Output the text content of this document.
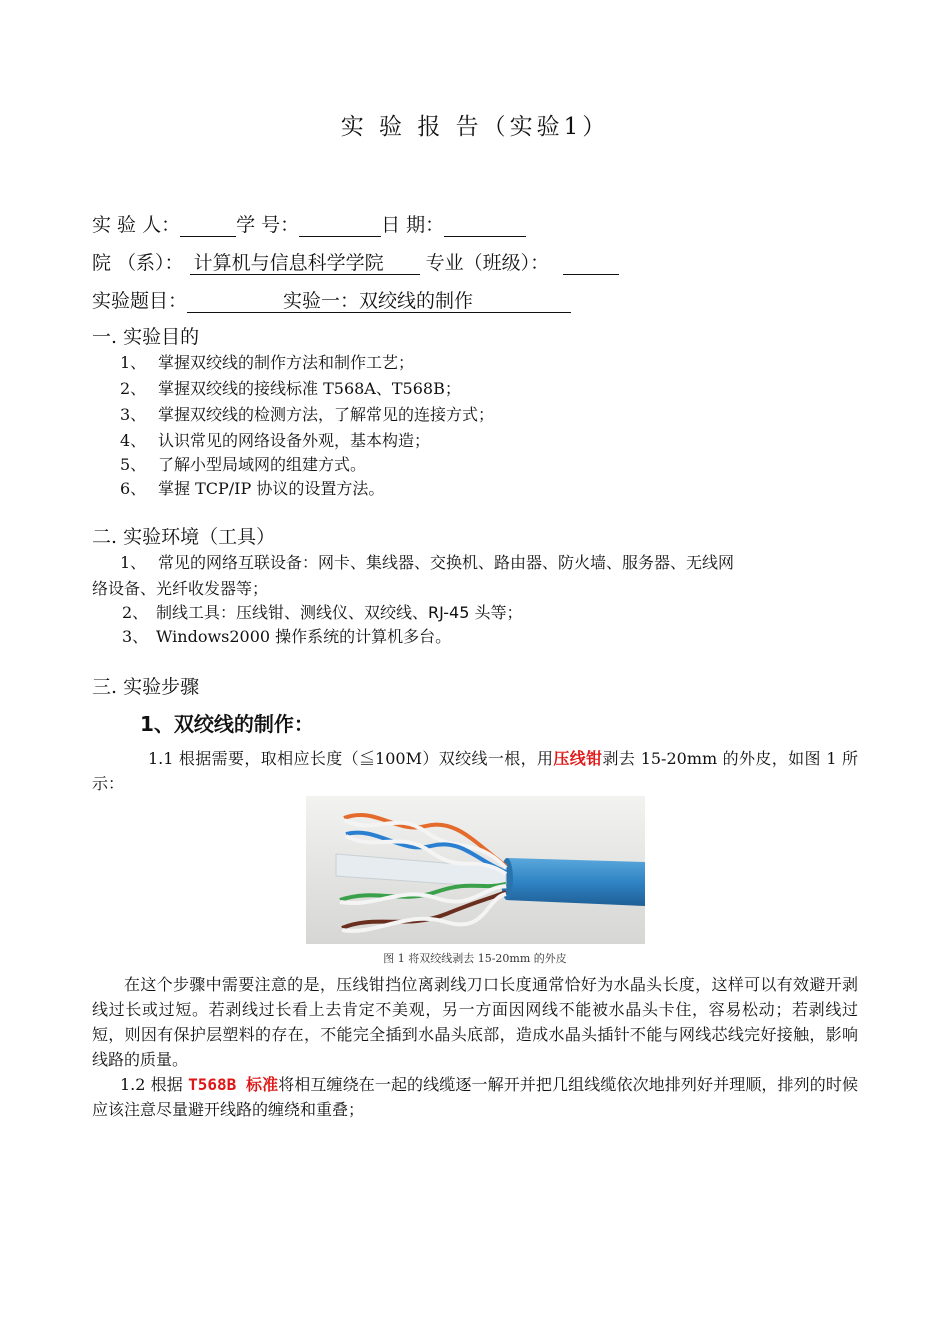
实 验 报 告（实验1）
实 验 人：	学 号：	日 期：
院 （系）： 计算机与信息科学学院 专业（班级）：
实验题目：	实验一：双绞线的制作
一. 实验目的
1、 掌握双绞线的制作方法和制作工艺；
2、 掌握双绞线的接线标准 T568A、T568B；
3、 掌握双绞线的检测方法，了解常见的连接方式；
4、 认识常见的网络设备外观，基本构造；
5、 了解小型局域网的组建方式。
6、 掌握 TCP/IP 协议的设置方法。
二. 实验环境（工具）
1、 常见的网络互联设备：网卡、集线器、交换机、路由器、防火墙、服务器、无线网
络设备、光纤收发器等；
2、 制线工具：压线钳、测线仪、双绞线、RJ-45 头等；
3、 Windows2000 操作系统的计算机多台。
三. 实验步骤
1、双绞线的制作：
1.1 根据需要，取相应长度（≦100M）双绞线一根，用压线钳剥去 15-20mm 的外皮，如图 1 所示：
图 1 将双绞线剥去 15-20mm 的外皮
在这个步骤中需要注意的是，压线钳挡位离剥线刀口长度通常恰好为水晶头长度，这样可以有效避开剥线过长或过短。若剥线过长看上去肯定不美观，另一方面因网线不能被水晶头卡住，容易松动；若剥线过短，则因有保护层塑料的存在，不能完全插到水晶头底部，造成水晶头插针不能与网线芯线完好接触，影响线路的质量。
1.2 根据 T568B 标准将相互缠绕在一起的线缆逐一解开并把几组线缆依次地排列好并理顺，排列的时候应该注意尽量避开线路的缠绕和重叠；
